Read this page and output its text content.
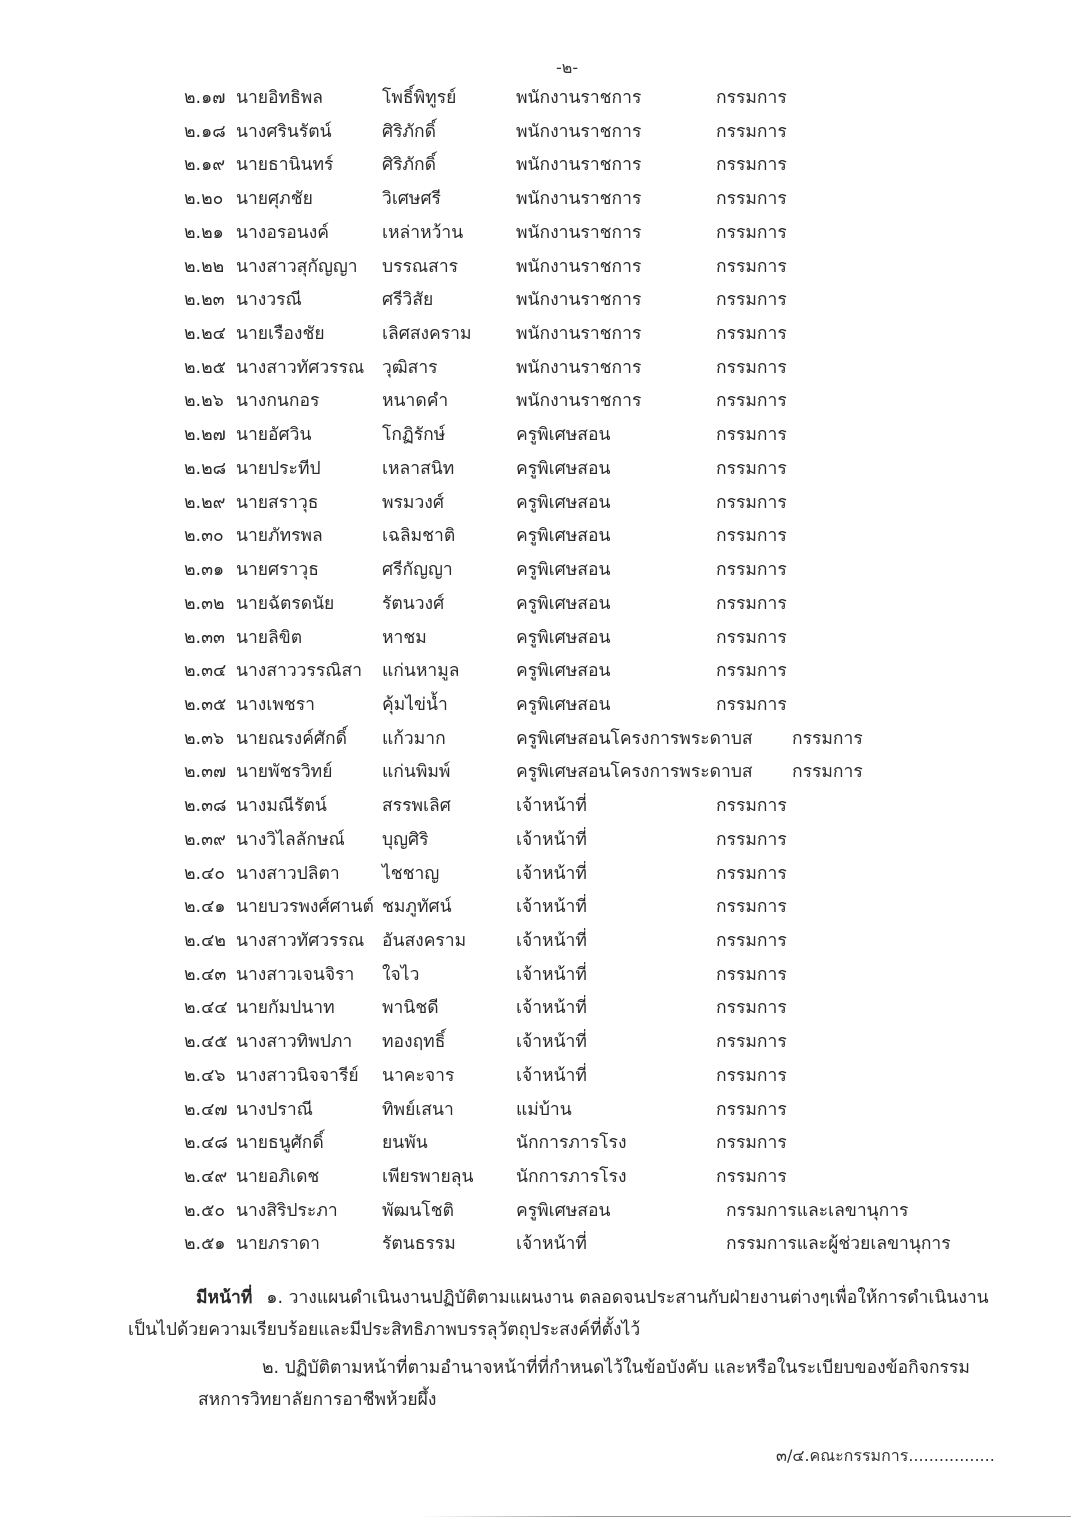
-๒-
๒.๑๗ นายอิทธิพล	โพธิ์พิทูรย์	พนักงานราชการ	กรรมการ
๒.๑๘ นางศรินรัตน์	ศิริภักดิ์	พนักงานราชการ	กรรมการ
๒.๑๙ นายธานินทร์	ศิริภักดิ์	พนักงานราชการ	กรรมการ
๒.๒๐ นายศุภชัย	วิเศษศรี	พนักงานราชการ	กรรมการ
๒.๒๑ นางอรอนงค์	เหล่าหว้าน	พนักงานราชการ	กรรมการ
๒.๒๒ นางสาวสุกัญญา บรรณสาร	พนักงานราชการ	กรรมการ
๒.๒๓ นางวรณี	ศรีวิสัย	พนักงานราชการ	กรรมการ
๒.๒๔ นายเรืองชัย	เลิศสงคราม	พนักงานราชการ	กรรมการ
๒.๒๕ นางสาวทัศวรรณ วุฒิสาร	พนักงานราชการ	กรรมการ
๒.๒๖ นางกนกอร	หนาดคำ	พนักงานราชการ	กรรมการ
๒.๒๗ นายอัศวิน	โกฏิรักษ์	ครูพิเศษสอน	กรรมการ
๒.๒๘ นายประทีป	เหลาสนิท	ครูพิเศษสอน	กรรมการ
๒.๒๙ นายสราวุธ	พรมวงศ์	ครูพิเศษสอน	กรรมการ
๒.๓๐ นายภัทรพล	เฉลิมชาติ	ครูพิเศษสอน	กรรมการ
๒.๓๑ นายศราวุธ	ศรีกัญญา	ครูพิเศษสอน	กรรมการ
๒.๓๒ นายฉัตรดนัย	รัตนวงศ์	ครูพิเศษสอน	กรรมการ
๒.๓๓ นายลิขิต	หาชม	ครูพิเศษสอน	กรรมการ
๒.๓๔ นางสาววรรณิสา แก่นหามูล	ครูพิเศษสอน	กรรมการ
๒.๓๕ นางเพชรา	คุ้มไข่น้ำ	ครูพิเศษสอน	กรรมการ
๒.๓๖ นายณรงค์ศักดิ์ แก้วมาก	ครูพิเศษสอนโครงการพระดาบส กรรมการ
๒.๓๗ นายพัชรวิทย์	แก่นพิมพ์	ครูพิเศษสอนโครงการพระดาบส กรรมการ
๒.๓๘ นางมณีรัตน์	สรรพเลิศ	เจ้าหน้าที่	กรรมการ
๒.๓๙ นางวิไลลักษณ์ บุญศิริ	เจ้าหน้าที่	กรรมการ
๒.๔๐ นางสาวปลิตา ไชชาญ	เจ้าหน้าที่	กรรมการ
๒.๔๑ นายบวรพงศ์ศานต์ ชมภูทัศน์	เจ้าหน้าที่	กรรมการ
๒.๔๒ นางสาวทัศวรรณ อันสงคราม	เจ้าหน้าที่	กรรมการ
๒.๔๓ นางสาวเจนจิรา ใจไว	เจ้าหน้าที่	กรรมการ
๒.๔๔ นายกัมปนาท	พานิชดี	เจ้าหน้าที่	กรรมการ
๒.๔๕ นางสาวทิพปภา ทองฤทธิ์	เจ้าหน้าที่	กรรมการ
๒.๔๖ นางสาวนิจจารีย์ นาคะจาร	เจ้าหน้าที่	กรรมการ
๒.๔๗ นางปราณี	ทิพย์เสนา	แม่บ้าน	กรรมการ
๒.๔๘ นายธนูศักดิ์	ยนพัน	นักการภารโรง	กรรมการ
๒.๔๙ นายอภิเดช	เพียรพายลุน นักการภารโรง	กรรมการ
๒.๕๐ นางสิริประภา	พัฒนโชติ	ครูพิเศษสอน	กรรมการและเลขานุการ
๒.๕๑ นายภราดา	รัตนธรรม	เจ้าหน้าที่	กรรมการและผู้ช่วยเลขานุการ
มีหน้าที่ ๑. วางแผนดำเนินงานปฏิบัติตามแผนงาน ตลอดจนประสานกับฝ่ายงานต่างๆเพื่อให้การดำเนินงาน
เป็นไปด้วยความเรียบร้อยและมีประสิทธิภาพบรรลุวัตถุประสงค์ที่ตั้งไว้
๒. ปฏิบัติตามหน้าที่ตามอำนาจหน้าที่ที่กำหนดไว้ในข้อบังคับ และหรือในระเบียบของข้อกิจกรรม
สหการวิทยาลัยการอาชีพห้วยผึ้ง
๓/๔.คณะกรรมการ.................
